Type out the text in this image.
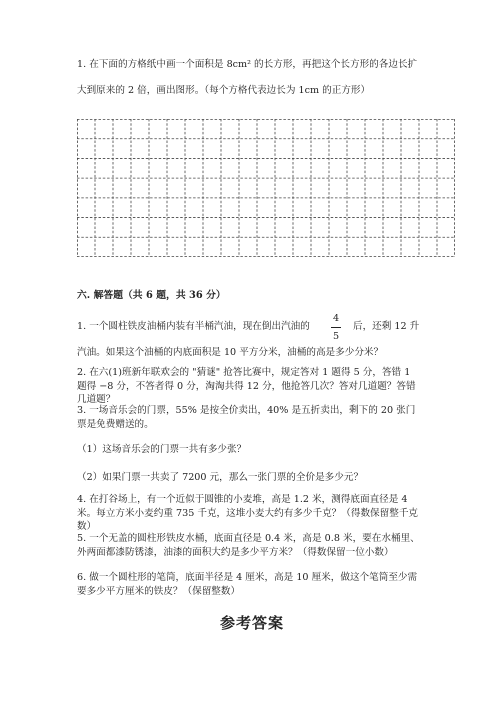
1. 在下面的方格纸中画一个面积是 8cm² 的长方形，再把这个长方形的各边长扩
大到原来的 2 倍，画出图形。（每个方格代表边长为 1cm 的正方形）
六. 解答题（共 6 题，共 36 分）
1. 一个圆柱铁皮油桶内装有半桶汽油，现在倒出汽油的
4
5
后，还剩 12 升
汽油。如果这个油桶的内底面积是 10 平方分米，油桶的高是多少分米？
2. 在六(1)班新年联欢会的 "猜谜" 抢答比赛中，规定答对 1 题得 5 分，答错 1 题得 −8 分，不答者得 0 分，淘淘共得 12 分，他抢答几次？答对几道题？答错几道题？
3. 一场音乐会的门票，55% 是按全价卖出，40% 是五折卖出，剩下的 20 张门票是免费赠送的。
（1）这场音乐会的门票一共有多少张？
（2）如果门票一共卖了 7200 元，那么一张门票的全价是多少元？
4. 在打谷场上，有一个近似于圆锥的小麦堆，高是 1.2 米，测得底面直径是 4 米。每立方米小麦约重 735 千克，这堆小麦大约有多少千克？（得数保留整千克数）
5. 一个无盖的圆柱形铁皮水桶，底面直径是 0.4 米，高是 0.8 米，要在水桶里、外两面都漆防锈漆，油漆的面积大约是多少平方米？（得数保留一位小数）
6. 做一个圆柱形的笔筒，底面半径是 4 厘米，高是 10 厘米，做这个笔筒至少需要多少平方厘米的铁皮？（保留整数）
参考答案
